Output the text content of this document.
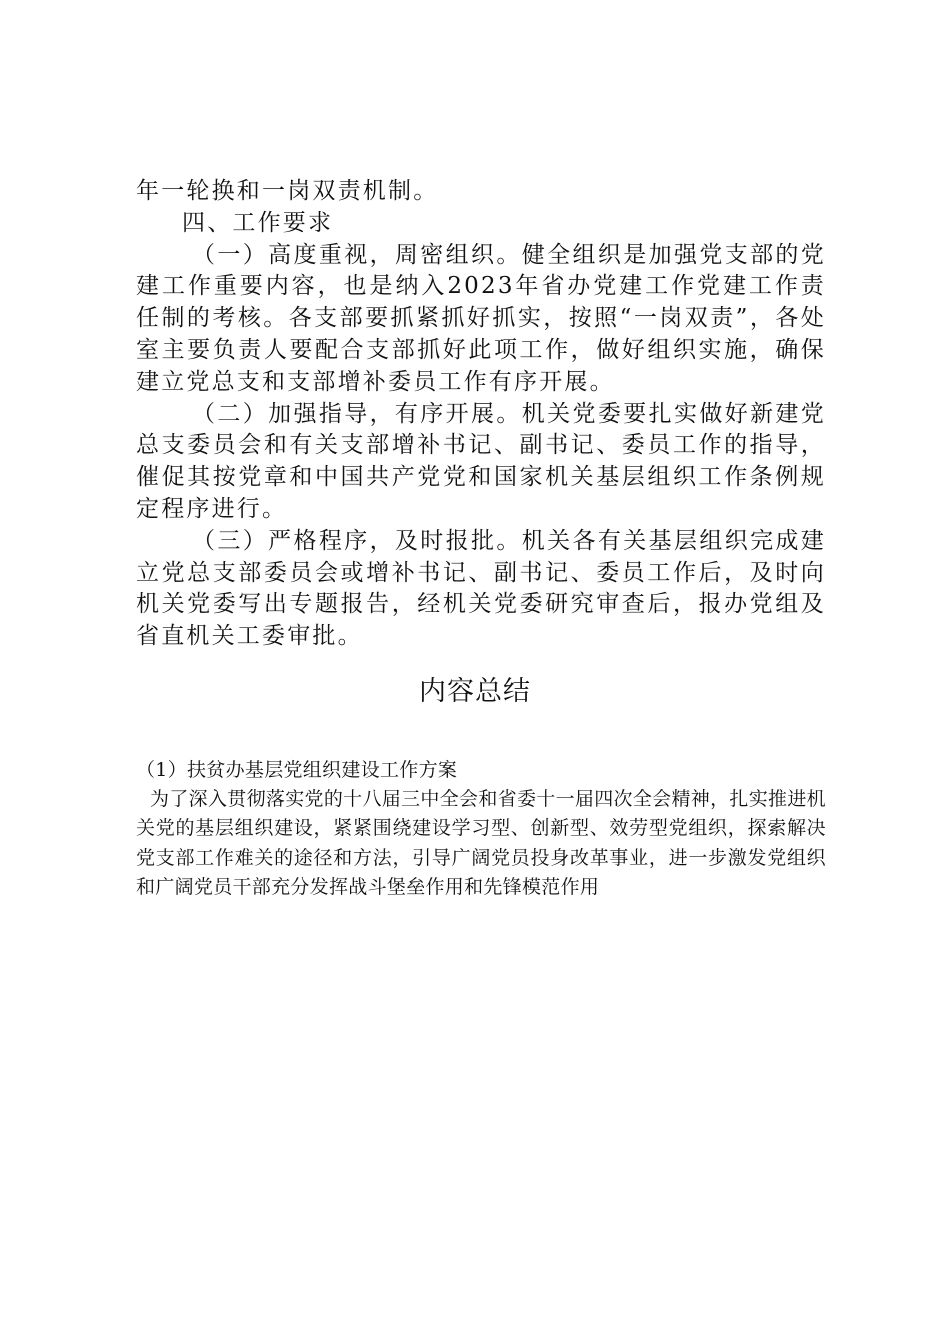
年一轮换和一岗双责机制。

四、工作要求

（一）高度重视，周密组织。健全组织是加强党支部的党建工作重要内容，也是纳入2023年省办党建工作党建工作责任制的考核。各支部要抓紧抓好抓实，按照“一岗双责”，各处室主要负责人要配合支部抓好此项工作，做好组织实施，确保建立党总支和支部增补委员工作有序开展。

（二）加强指导，有序开展。机关党委要扎实做好新建党总支委员会和有关支部增补书记、副书记、委员工作的指导，催促其按党章和中国共产党党和国家机关基层组织工作条例规定程序进行。

（三）严格程序，及时报批。机关各有关基层组织完成建立党总支部委员会或增补书记、副书记、委员工作后，及时向机关党委写出专题报告，经机关党委研究审查后，报办党组及省直机关工委审批。

内容总结

（1）扶贫办基层党组织建设工作方案

为了深入贯彻落实党的十八届三中全会和省委十一届四次全会精神，扎实推进机关党的基层组织建设，紧紧围绕建设学习型、创新型、效劳型党组织，探索解决党支部工作难关的途径和方法，引导广阔党员投身改革事业，进一步激发党组织和广阔党员干部充分发挥战斗堡垒作用和先锋模范作用
